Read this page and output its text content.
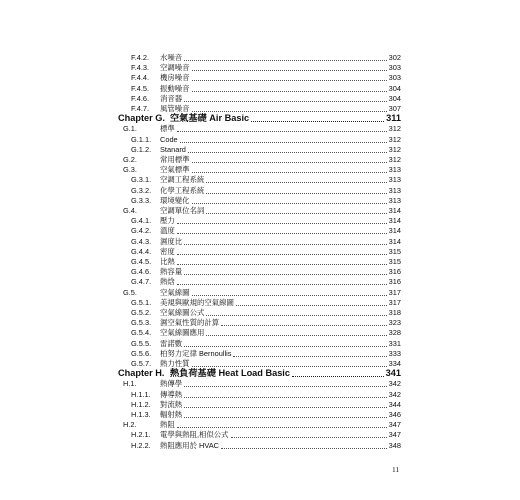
F.4.2. 水噪音	302
F.4.3. 空調噪音	303
F.4.4. 機房噪音	303
F.4.5. 振動噪音	304
F.4.6. 消音器	304
F.4.7. 風管噪音	307
Chapter G. 空氣基礎 Air Basic	311
G.1.	標準	312
G.1.1. Code	312
G.1.2. Stanard	312
G.2.	常用標準	312
G.3.	空氣標準	313
G.3.1. 空調工程系統	313
G.3.2. 化學工程系統	313
G.3.3. 環境變化	313
G.4.	空調單位名詞	314
G.4.1. 壓力	314
G.4.2. 溫度	314
G.4.3. 濕度比	314
G.4.4. 密度	315
G.4.5. 比熱	315
G.4.6. 熱容量	316
G.4.7. 熱焓	316
G.5.	空氣線圖	317
G.5.1. 美規與歐規的空氣線圖	317
G.5.2. 空氣線圖公式	318
G.5.3. 濕空氣性質的計算	323
G.5.4. 空氣線圖應用	328
G.5.5. 雷諾數	331
G.5.6. 柏努力定律 Bernoullis	333
G.5.7. 熱力性質	334
Chapter H. 熱負荷基礎 Heat Load Basic	341
H.1.	熱傳學	342
H.1.1. 傳導熱	342
H.1.2. 對流熱	344
H.1.3. 輻射熱	346
H.2.	熱阻	347
H.2.1. 電學與熱阻,相似公式	347
H.2.2. 熱阻應用於 HVAC	348
11
